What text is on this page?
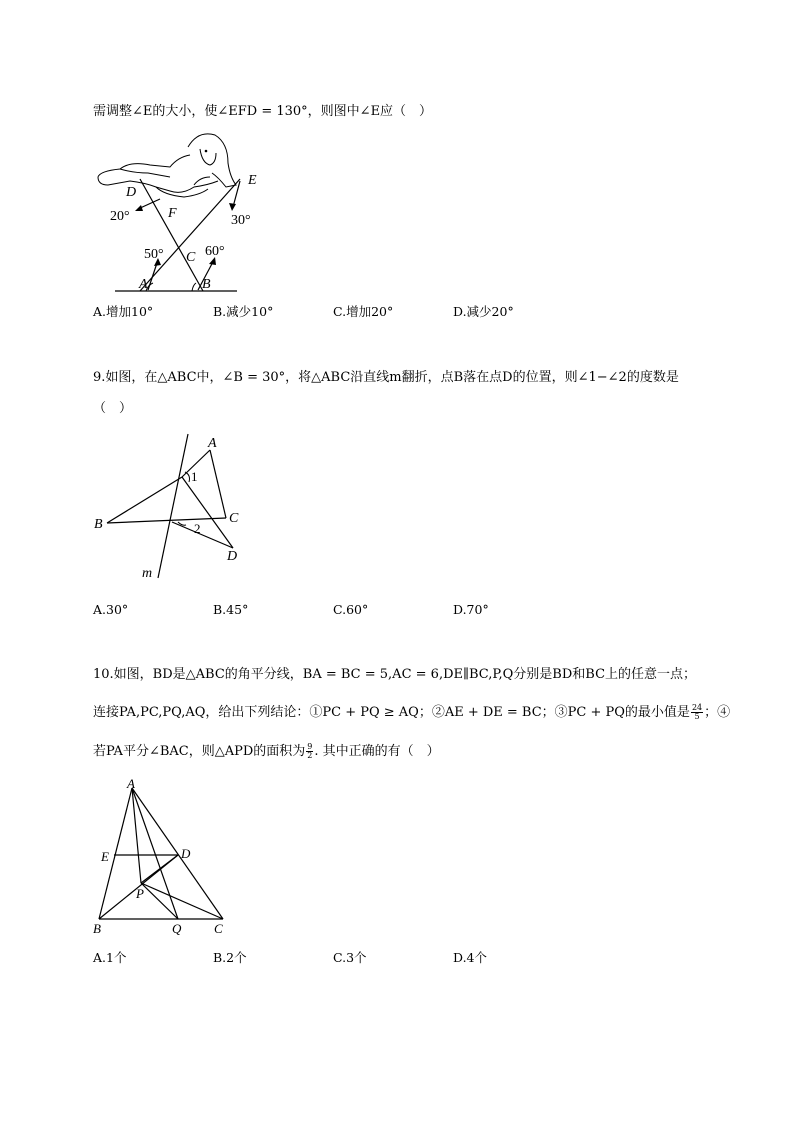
需调整∠E的大小，使∠EFD = 130°，则图中∠E应（　）
D
E
F
20°	30°
50°	60°
C
A	B
A.增加10°	B.减少10°	C.增加20°	D.减少20°
9.如图，在△ABC中，∠B = 30°，将△ABC沿直线m翻折，点B落在点D的位置，则∠1−∠2的度数是
（　）
A
B	C
D
m
1
2
A.30°	B.45°	C.60°	D.70°
10.如图，BD是△ABC的角平分线，BA = BC = 5,AC = 6,DE∥BC,P,Q分别是BD和BC上的任意一点；
连接PA,PC,PQ,AQ，给出下列结论：①PC + PQ ≥ AQ；②AE + DE = BC；③PC + PQ的最小值是 $\frac{24}{5}$ ；④
若PA平分∠BAC，则△APD的面积为 $\frac{9}{2}$ . 其中正确的有（　）
A
E	D
P
B	Q	C
A.1个	B.2个	C.3个	D.4个
